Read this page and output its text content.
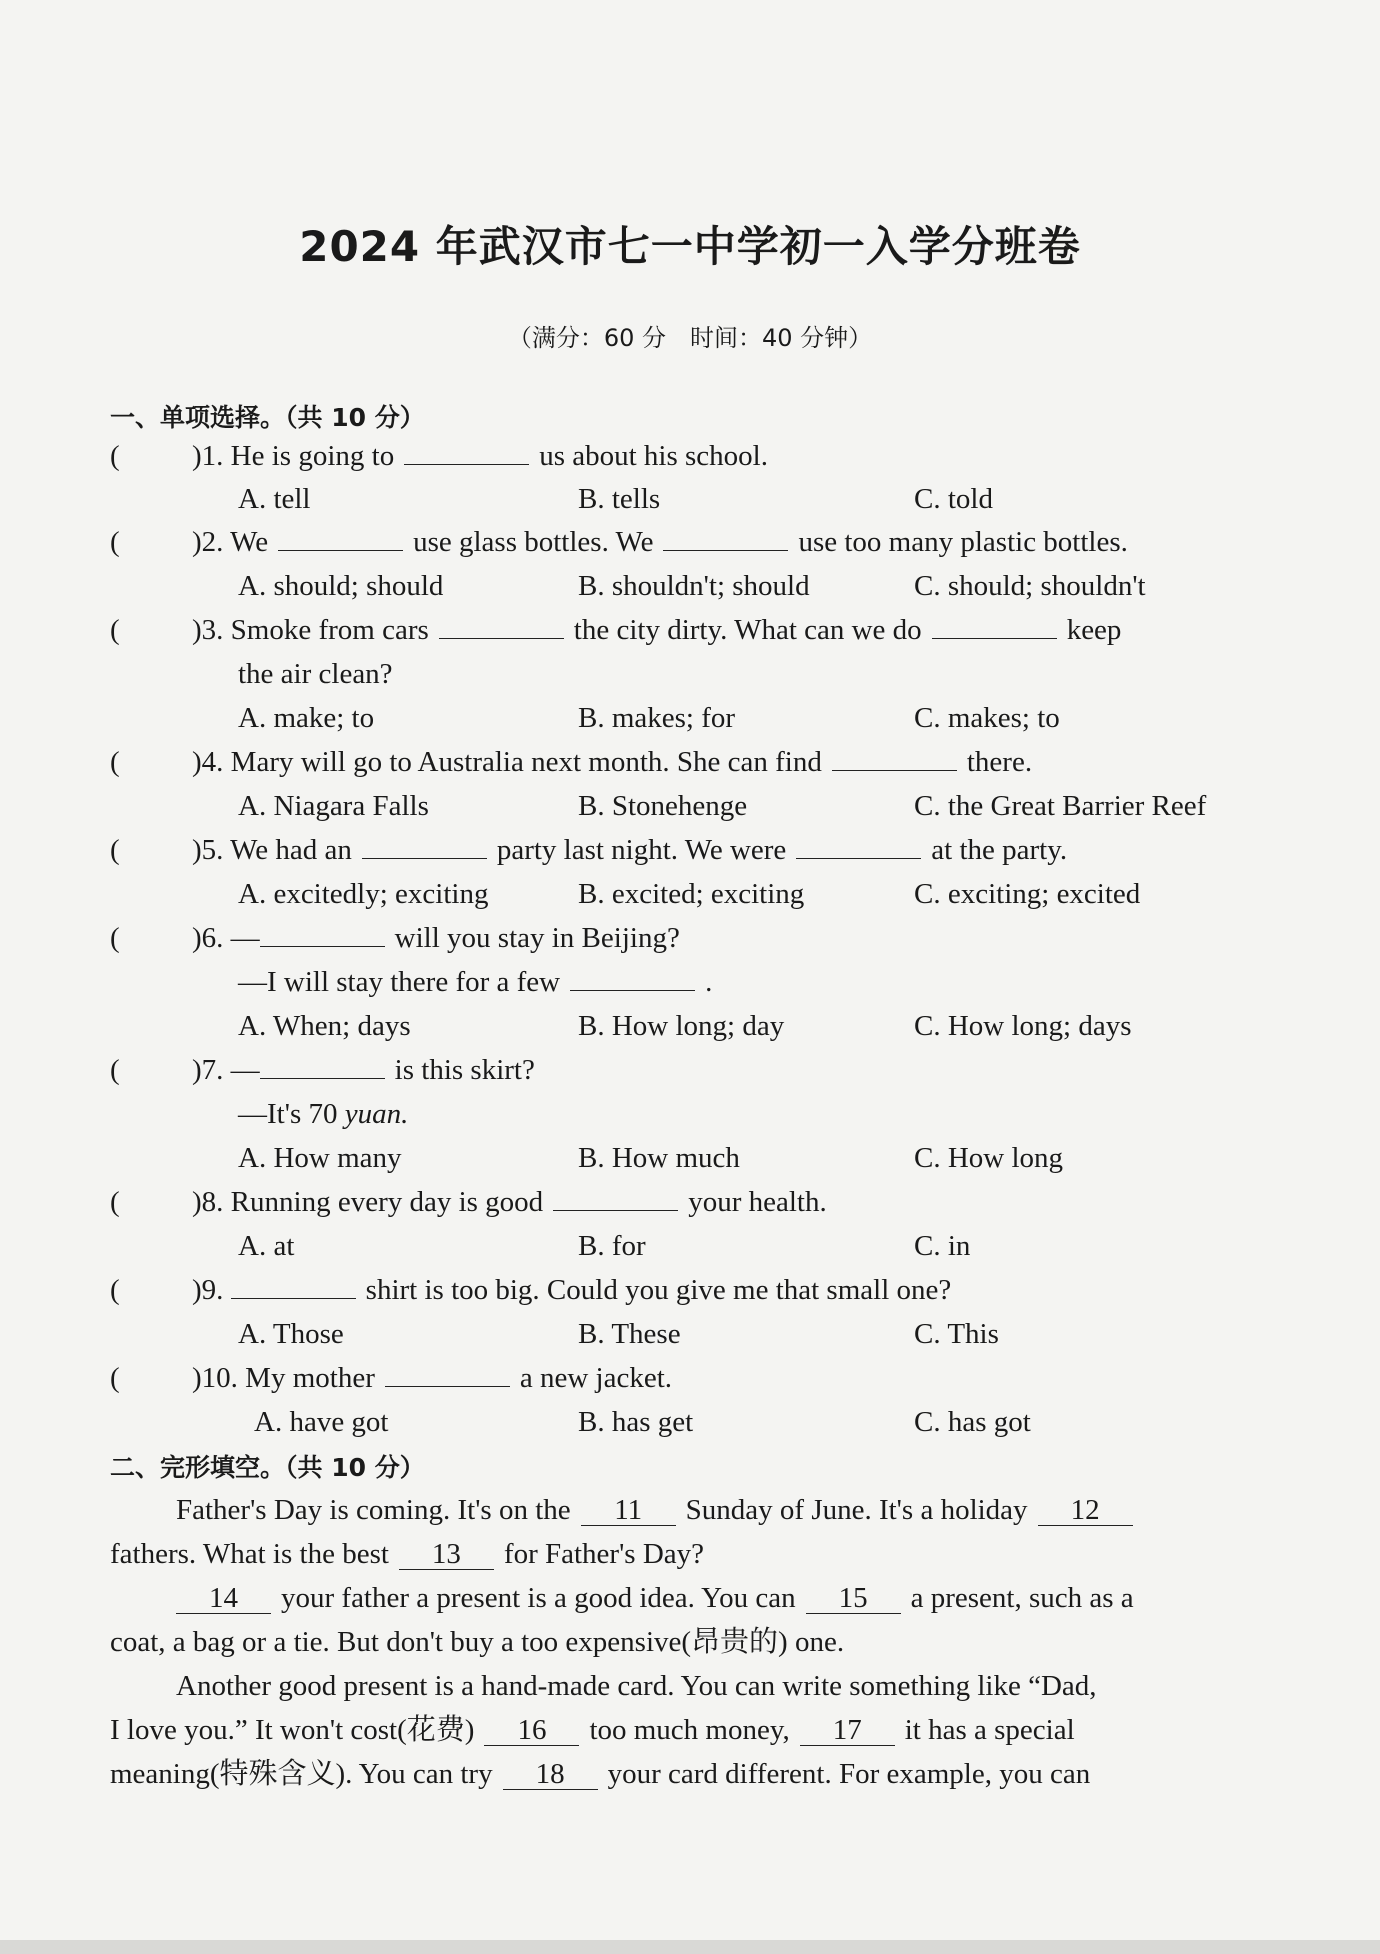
2024 年武汉市七一中学初一入学分班卷
（满分：60 分　时间：40 分钟）
一、单项选择。（共 10 分）
( )1. He is going to	us about his school.
A. tell	B. tells	C. told
( )2. We	use glass bottles. We	use too many plastic bottles.
A. should; should	B. shouldn't; should	C. should; shouldn't
( )3. Smoke from cars	the city dirty. What can we do	keep
the air clean?
A. make; to	B. makes; for	C. makes; to
( )4. Mary will go to Australia next month. She can find	there.
A. Niagara Falls	B. Stonehenge	C. the Great Barrier Reef
( )5. We had an	party last night. We were	at the party.
A. excitedly; exciting	B. excited; exciting	C. exciting; excited
( )6. —	will you stay in Beijing?
—I will stay there for a few	.
A. When; days	B. How long; day	C. How long; days
( )7. —	is this skirt?
—It's 70 yuan.
A. How many	B. How much	C. How long
( )8. Running every day is good	your health.
A. at	B. for	C. in
( )9.	shirt is too big. Could you give me that small one?
A. Those	B. These	C. This
( )10. My mother	a new jacket.
A. have got	B. has get	C. has got
二、完形填空。（共 10 分）
Father's Day is coming. It's on the 11 Sunday of June. It's a holiday 12
fathers. What is the best 13 for Father's Day?
14 your father a present is a good idea. You can 15 a present, such as a
coat, a bag or a tie. But don't buy a too expensive(昂贵的) one.
Another good present is a hand-made card. You can write something like “Dad,
I love you.” It won't cost(花费) 16 too much money, 17 it has a special
meaning(特殊含义). You can try 18 your card different. For example, you can
